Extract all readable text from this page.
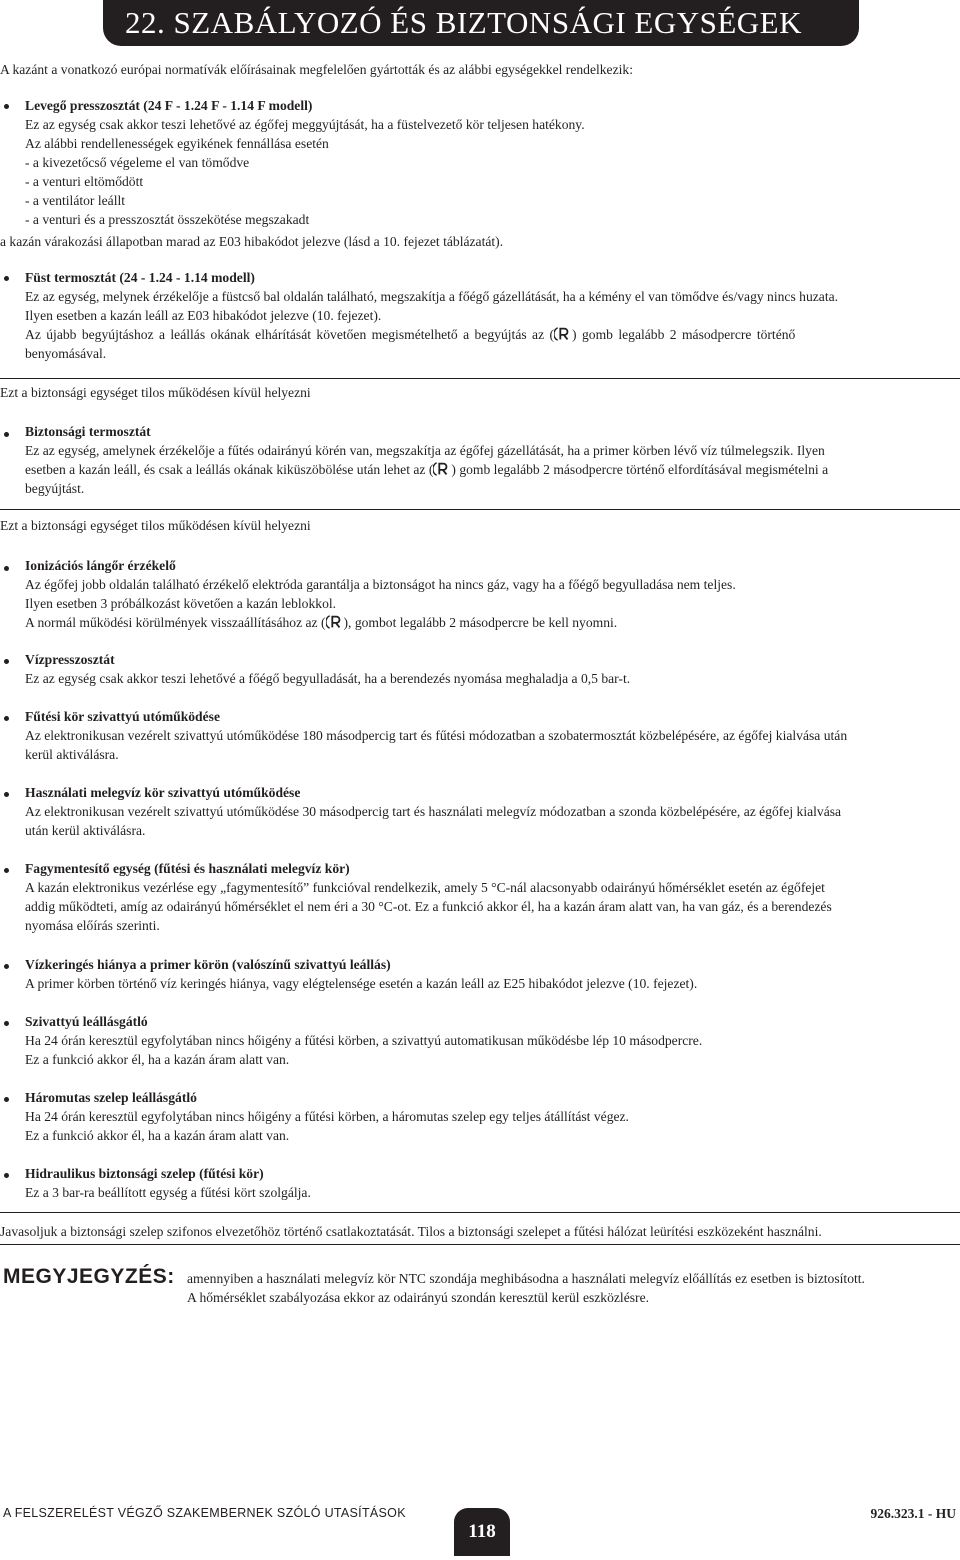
22. SZABÁLYOZÓ ÉS BIZTONSÁGI EGYSÉGEK
A kazánt a vonatkozó európai normatívák előírásainak megfelelően gyártották és az alábbi egységekkel rendelkezik:
Levegő presszosztát (24 F - 1.24 F - 1.14 F modell)
Ez az egység csak akkor teszi lehetővé az égőfej meggyújtását, ha a füstelvezető kör teljesen hatékony.
Az alábbi rendellenességek egyikének fennállása esetén
- a kivezetőcső végeleme el van tömődve
- a venturi eltömődött
- a ventilátor leállt
- a venturi és a presszosztát összekötése megszakadt
a kazán várakozási állapotban marad az E03 hibakódot jelezve (lásd a 10. fejezet táblázatát).
Füst termosztát (24 - 1.24 - 1.14 modell)
Ez az egység, melynek érzékelője a füstcső bal oldalán található, megszakítja a főégő gázellátását, ha a kémény el van tömődve és/vagy nincs huzata.
Ilyen esetben a kazán leáll az E03 hibakódot jelezve (10. fejezet).
Az újabb begyújtáshoz a leállás okának elhárítását követően megismételhető a begyújtás az ( ) gomb legalább 2 másodpercre történő
benyomásával.
Ezt a biztonsági egységet tilos működésen kívül helyezni
Biztonsági termosztát
Ez az egység, amelynek érzékelője a fűtés odairányú körén van, megszakítja az égőfej gázellátását, ha a primer körben lévő víz túlmelegszik. Ilyen
esetben a kazán leáll, és csak a leállás okának kiküszöbölése után lehet az ( ) gomb legalább 2 másodpercre történő elfordításával megismételni a
begyújtást.
Ezt a biztonsági egységet tilos működésen kívül helyezni
Ionizációs lángőr érzékelő
Az égőfej jobb oldalán található érzékelő elektróda garantálja a biztonságot ha nincs gáz, vagy ha a főégő begyulladása nem teljes.
Ilyen esetben 3 próbálkozást követően a kazán leblokkol.
A normál működési körülmények visszaállításához az ( ), gombot legalább 2 másodpercre be kell nyomni.
Vízpresszosztát
Ez az egység csak akkor teszi lehetővé a főégő begyulladását, ha a berendezés nyomása meghaladja a 0,5 bar-t.
Fűtési kör szivattyú utóműködése
Az elektronikusan vezérelt szivattyú utóműködése 180 másodpercig tart és fűtési módozatban a szobatermosztát közbelépésére, az égőfej kialvása után
kerül aktiválásra.
Használati melegvíz kör szivattyú utóműködése
Az elektronikusan vezérelt szivattyú utóműködése 30 másodpercig tart és használati melegvíz módozatban a szonda közbelépésére, az égőfej kialvása
után kerül aktiválásra.
Fagymentesítő egység (fűtési és használati melegvíz kör)
A kazán elektronikus vezérlése egy „fagymentesítő” funkcióval rendelkezik, amely 5 °C-nál alacsonyabb odairányú hőmérséklet esetén az égőfejet
addig működteti, amíg az odairányú hőmérséklet el nem éri a 30 °C-ot. Ez a funkció akkor él, ha a kazán áram alatt van, ha van gáz, és a berendezés
nyomása előírás szerinti.
Vízkeringés hiánya a primer körön (valószínű szivattyú leállás)
A primer körben történő víz keringés hiánya, vagy elégtelensége esetén a kazán leáll az E25 hibakódot jelezve (10. fejezet).
Szivattyú leállásgátló
Ha 24 órán keresztül egyfolytában nincs hőigény a fűtési körben, a szivattyú automatikusan működésbe lép 10 másodpercre.
Ez a funkció akkor él, ha a kazán áram alatt van.
Háromutas szelep leállásgátló
Ha 24 órán keresztül egyfolytában nincs hőigény a fűtési körben, a háromutas szelep egy teljes átállítást végez.
Ez a funkció akkor él, ha a kazán áram alatt van.
Hidraulikus biztonsági szelep (fűtési kör)
Ez a 3 bar-ra beállított egység a fűtési kört szolgálja.
Javasoljuk a biztonsági szelep szifonos elvezetőhöz történő csatlakoztatását. Tilos a biztonsági szelepet a fűtési hálózat leürítési eszközeként használni.
MEGYJEGYZÉS: amennyiben a használati melegvíz kör NTC szondája meghibásodna a használati melegvíz előállítás ez esetben is biztosított.
A hőmérséklet szabályozása ekkor az odairányú szondán keresztül kerül eszközlésre.
A FELSZERELÉST VÉGZŐ SZAKEMBERNEK SZÓLÓ UTASÍTÁSOK
118
926.323.1 - HU
